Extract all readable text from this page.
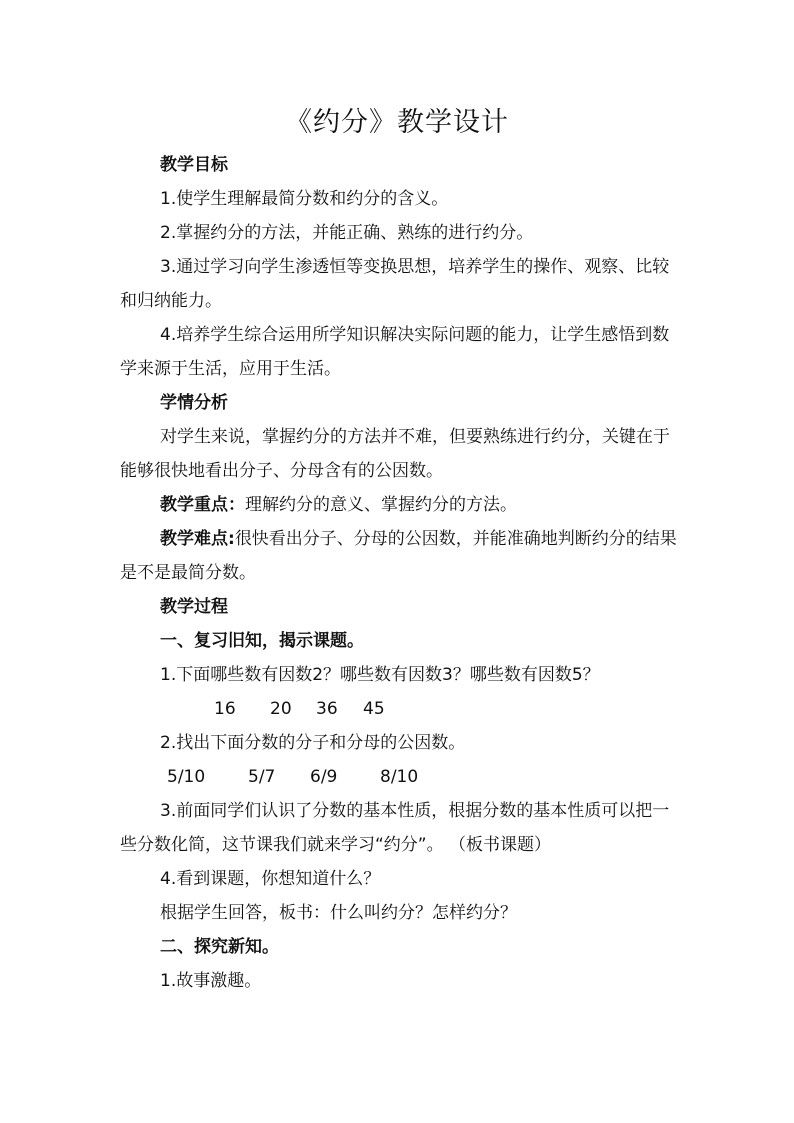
《约分》教学设计

教学目标

1.使学生理解最简分数和约分的含义。

2.掌握约分的方法，并能正确、熟练的进行约分。

3.通过学习向学生渗透恒等变换思想，培养学生的操作、观察、比较和归纳能力。

4.培养学生综合运用所学知识解决实际问题的能力，让学生感悟到数学来源于生活，应用于生活。

学情分析

对学生来说，掌握约分的方法并不难，但要熟练进行约分，关键在于能够很快地看出分子、分母含有的公因数。

教学重点：理解约分的意义、掌握约分的方法。

教学难点:很快看出分子、分母的公因数，并能准确地判断约分的结果是不是最简分数。

教学过程

一、复习旧知，揭示课题。

1.下面哪些数有因数2？哪些数有因数3？哪些数有因数5？

16 20 36 45

2.找出下面分数的分子和分母的公因数。

5/10	5/7 6/9	8/10

3.前面同学们认识了分数的基本性质，根据分数的基本性质可以把一些分数化简，这节课我们就来学习“约分”。 （板书课题）

4.看到课题，你想知道什么？

根据学生回答，板书：什么叫约分？怎样约分？

二、探究新知。

1.故事激趣。
